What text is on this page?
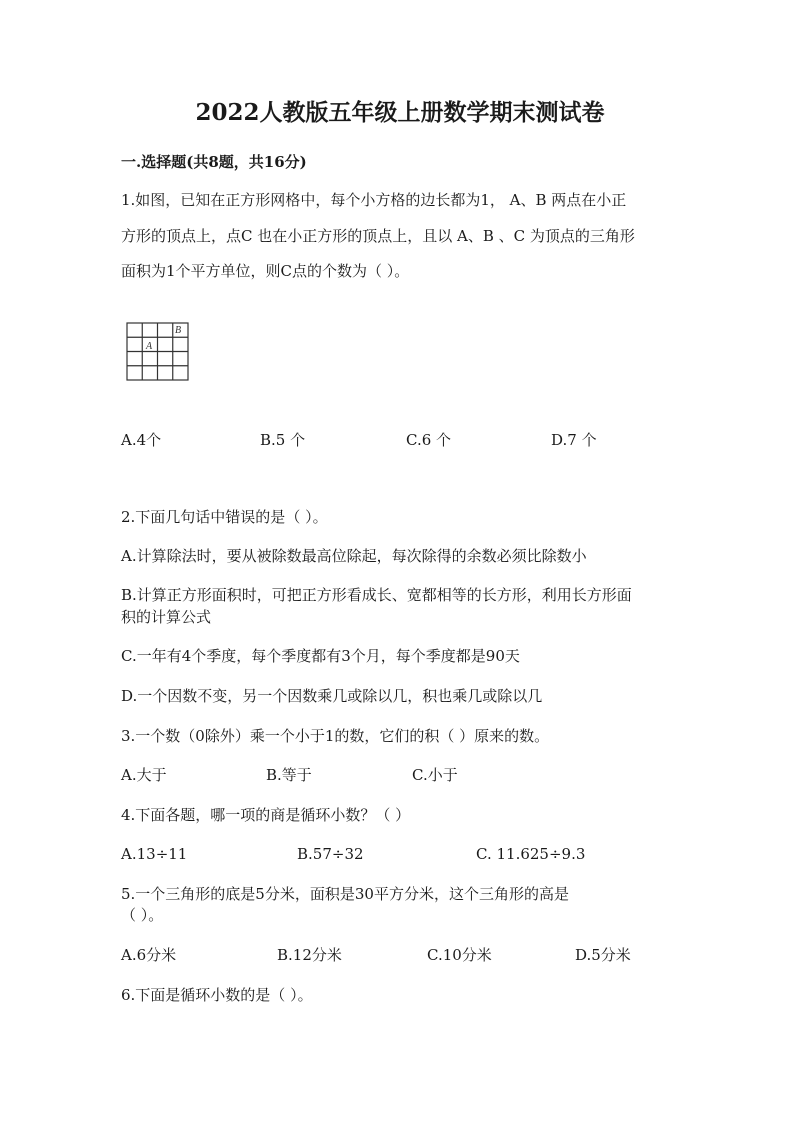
2022人教版五年级上册数学期末测试卷
一.选择题(共8题，共16分)
1.如图，已知在正方形网格中，每个小方格的边长都为1， A、B 两点在小正
方形的顶点上，点C 也在小正方形的顶点上，且以 A、B 、C 为顶点的三角形
面积为1个平方单位，则C点的个数为（ ）。
A
B
A.4个	B.5 个	C.6 个	D.7 个
2.下面几句话中错误的是（ ）。
A.计算除法时，要从被除数最高位除起，每次除得的余数必须比除数小
B.计算正方形面积时，可把正方形看成长、宽都相等的长方形，利用长方形面
积的计算公式
C.一年有4个季度，每个季度都有3个月，每个季度都是90天
D.一个因数不变，另一个因数乘几或除以几，积也乘几或除以几
3.一个数（0除外）乘一个小于1的数，它们的积（ ）原来的数。
A.大于	B.等于	C.小于
4.下面各题，哪一项的商是循环小数？（ ）
A.13÷11	B.57÷32	C. 11.625÷9.3
5.一个三角形的底是5分米，面积是30平方分米，这个三角形的高是
（ ）。
A.6分米	B.12分米	C.10分米	D.5分米
6.下面是循环小数的是（ ）。
